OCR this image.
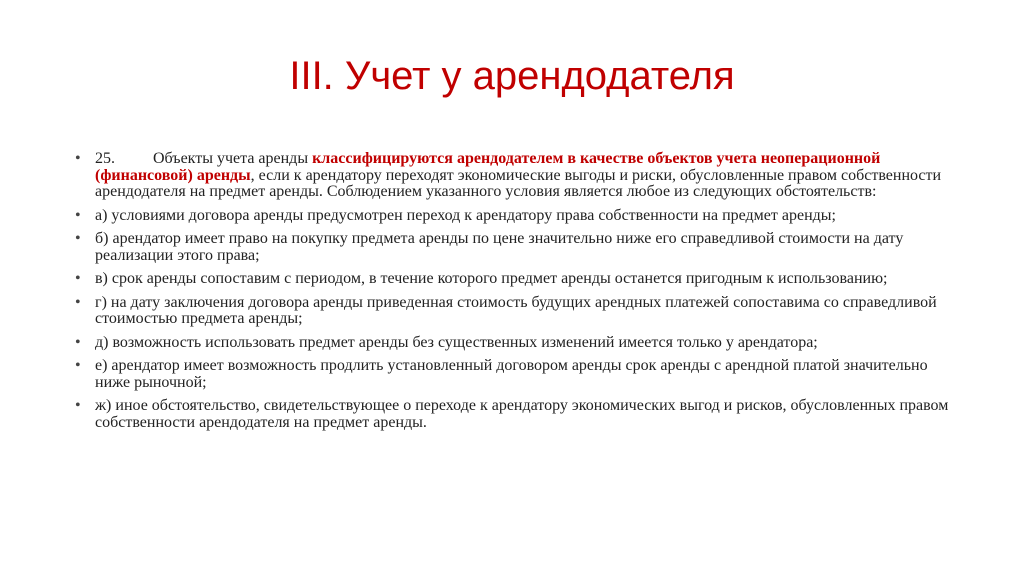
III. Учет у арендодателя
• 25. Объекты учета аренды классифицируются арендодателем в качестве объектов учета неоперационной (финансовой) аренды, если к арендатору переходят экономические выгоды и риски, обусловленные правом собственности арендодателя на предмет аренды. Соблюдением указанного условия является любое из следующих обстоятельств:
• а) условиями договора аренды предусмотрен переход к арендатору права собственности на предмет аренды;
• б) арендатор имеет право на покупку предмета аренды по цене значительно ниже его справедливой стоимости на дату реализации этого права;
• в) срок аренды сопоставим с периодом, в течение которого предмет аренды останется пригодным к использованию;
• г) на дату заключения договора аренды приведенная стоимость будущих арендных платежей сопоставима со справедливой стоимостью предмета аренды;
• д) возможность использовать предмет аренды без существенных изменений имеется только у арендатора;
• е) арендатор имеет возможность продлить установленный договором аренды срок аренды с арендной платой значительно ниже рыночной;
• ж) иное обстоятельство, свидетельствующее о переходе к арендатору экономических выгод и рисков, обусловленных правом собственности арендодателя на предмет аренды.
